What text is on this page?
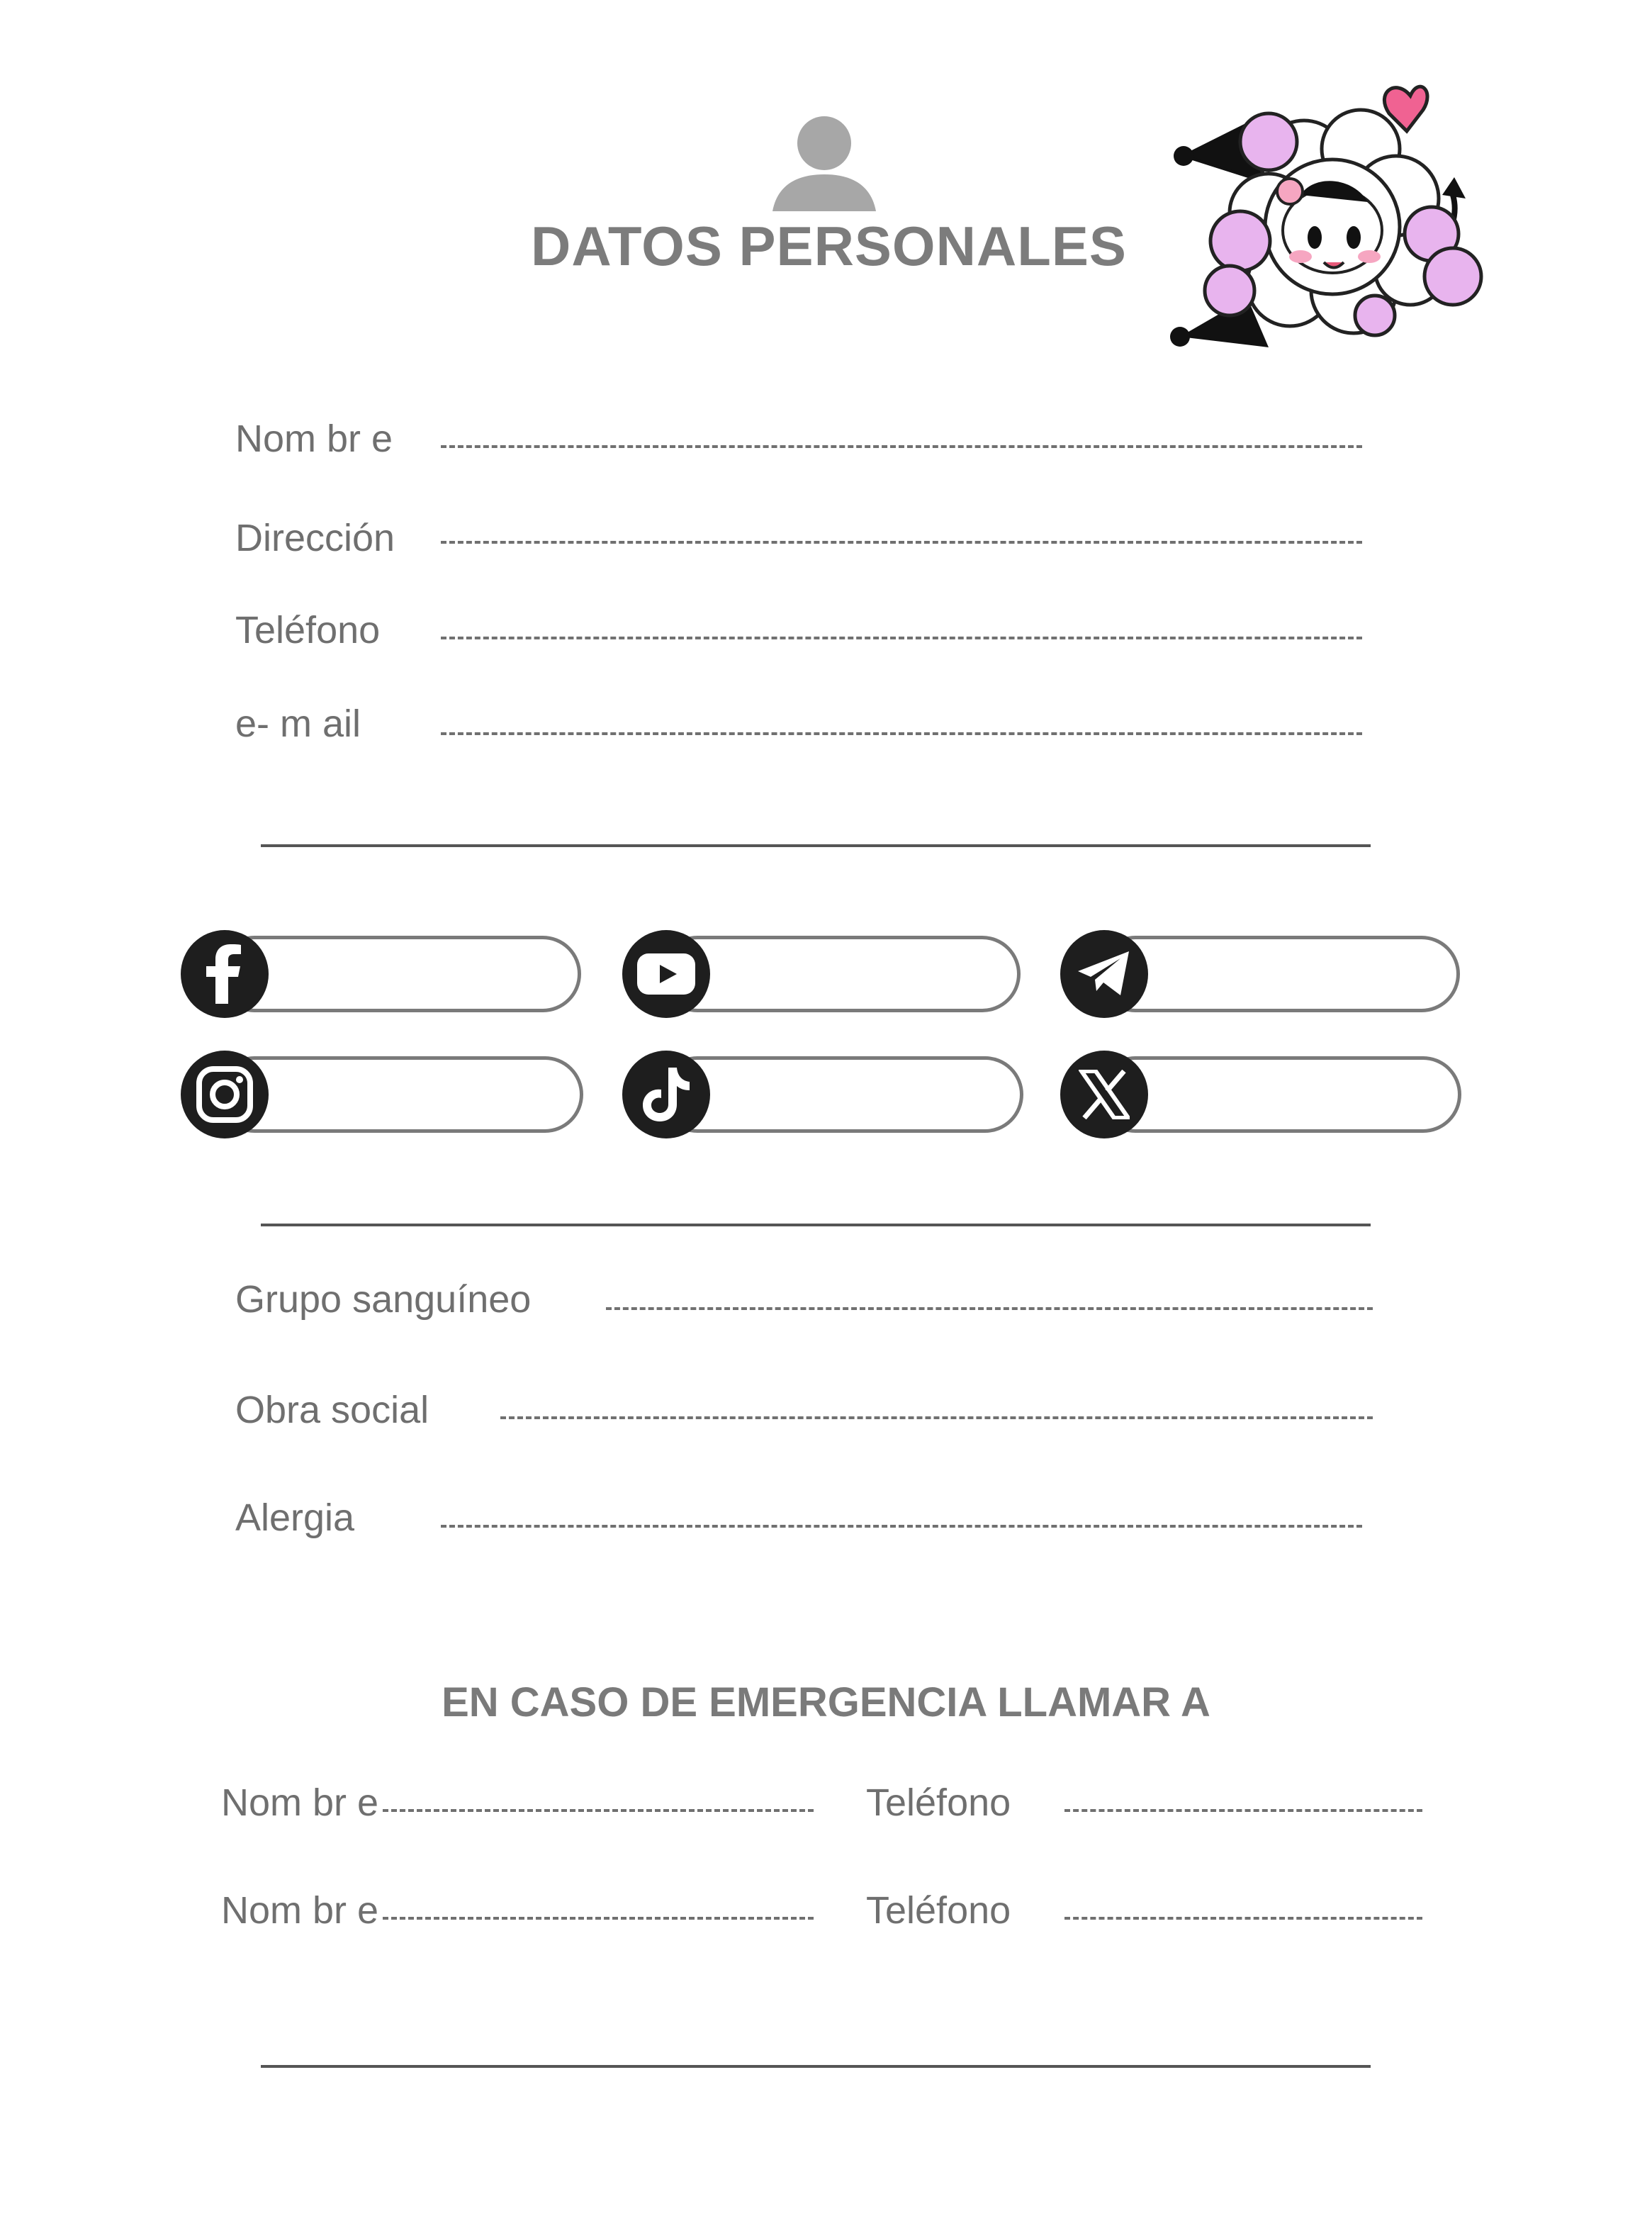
DATOS PERSONALES
Nom br e
Dirección
Teléfono
e- m ail
Grupo sanguíneo
Obra social
Alergia
EN CASO DE EMERGENCIA LLAMAR A
Nom br e	Teléfono
Nom br e	Teléfono
